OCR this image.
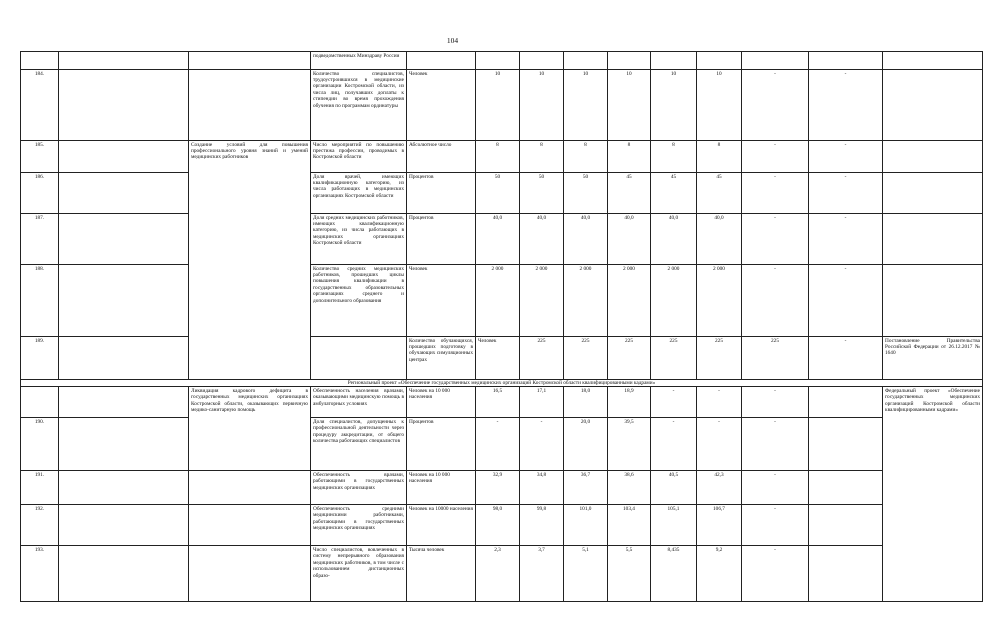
104
			подведомственных Минздраву России										
184.			Количество специалистов, трудоустроившихся в медицинские организации Костромской области, из числа лиц, получавших доплаты к стипендии во время прохождения обучения по программам ординатуры	Человек	10	10	10	10	10	10	-	-	
185.		Создание условий для повышения профессионального уровня знаний и умений медицинских работников	Число мероприятий по повышению престижа профессии, проводимых в Костромской области	Абсолютное число	8	8	8	8	8	8	-	-	
186.			Доля врачей, имеющих квалификационную категорию, из числа работающих в медицинских организациях Костромской области	Процентов	50	50	50	45	45	45	-	-	
187.			Доля средних медицинских работников, имеющих квалификационную категорию, из числа работающих в медицинских организациях Костромской области	Процентов	40,0	40,0	40,0	40,0	40,0	40,0	-	-	
188.			Количество средних медицинских работников, прошедших циклы повышения квалификации в государственных образовательных организациях среднего и дополнительного образования	Человек	2 000	2 000	2 000	2 000	2 000	2 000	-	-	
189.				Количество обучающихся, прошедших подготовку в обучающих симуляционных центрах	Человек	225	225	225	225	225	225	-	Постановление Правительства Российской Федерации от 26.12.2017 № 1640
Региональный проект «Обеспечение государственных медицинских организаций Костромской области квалифицированными кадрами»													
		Ликвидация кадрового дефицита в государственных медицинских организациях Костромской области, оказывающих первичную медико-санитарную помощь	Обеспеченность населения врачами, оказывающими медицинскую помощь в амбулаторных условиях	Человек на 10 000 населения	16,5	17,1	18,0	18,9	-	-	-		Федеральный проект «Обеспечение государственных медицинских организаций Костромской области квалифицированными кадрами»
190.			Доля специалистов, допущенных к профессиональной деятельности через процедуру аккредитации, от общего количества работающих специалистов	Процентов	-	-	20,0	39,5	-	-	-		
191.			Обеспеченность врачами, работающими в государственных медицинских организациях	Человек на 10 000 населения	32,9	34,8	36,7	38,6	40,5	42,3	-		
192.			Обеспеченность средними медицинскими работниками, работающими в государственных медицинских организациях	Человек на 10000 населения	98,0	99,8	101,0	103,4	105,1	106,7	-		
193.			Число специалистов, вовлеченных в систему непрерывного образования медицинских работников, в том числе с использованием дистанционных образо-	Тысяча человек	2,3	3,7	5,1	5,5	8,435	9,2	-		
